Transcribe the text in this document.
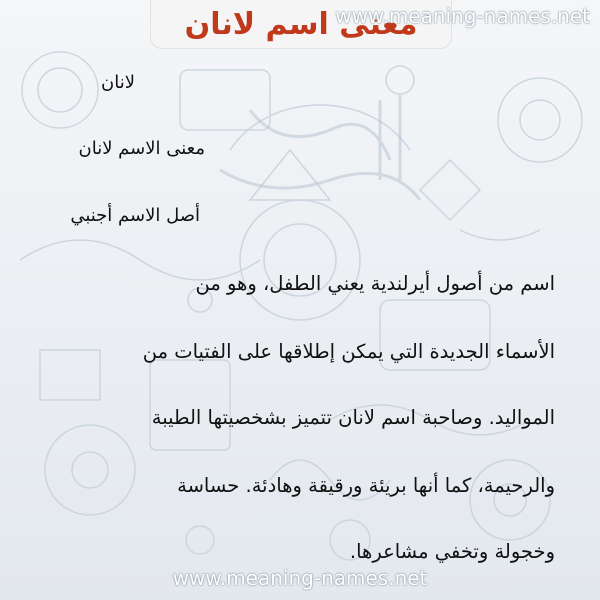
معنى اسم لانان
www.meaning-names.net
www.meaning-names.net
لانان
معنى الاسم لانان
أصل الاسم أجنبي
اسم من أصول أيرلندية يعني الطفل، وهو من
الأسماء الجديدة التي يمكن إطلاقها على الفتيات من
المواليد. وصاحبة اسم لانان تتميز بشخصيتها الطيبة
والرحيمة، كما أنها بريئة ورقيقة وهادئة. حساسة
وخجولة وتخفي مشاعرها.
